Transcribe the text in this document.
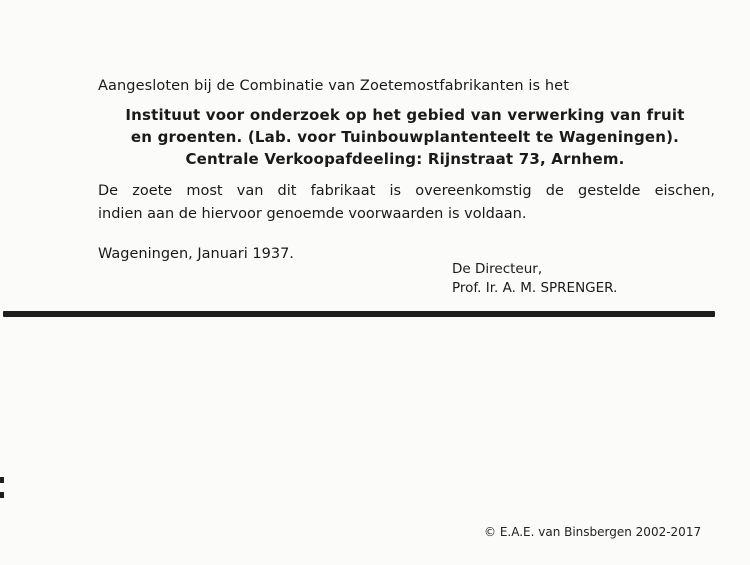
Aangesloten bij de Combinatie van Zoetemostfabrikanten is het
Instituut voor onderzoek op het gebied van verwerking van fruit
en groenten. (Lab. voor Tuinbouwplantenteelt te Wageningen).
Centrale Verkoopafdeeling: Rijnstraat 73, Arnhem.
De zoete most van dit fabrikaat is overeenkomstig de gestelde eischen,
indien aan de hiervoor genoemde voorwaarden is voldaan.
Wageningen, Januari 1937.
De Directeur,
Prof. Ir. A. M. SPRENGER.
© E.A.E. van Binsbergen 2002-2017
